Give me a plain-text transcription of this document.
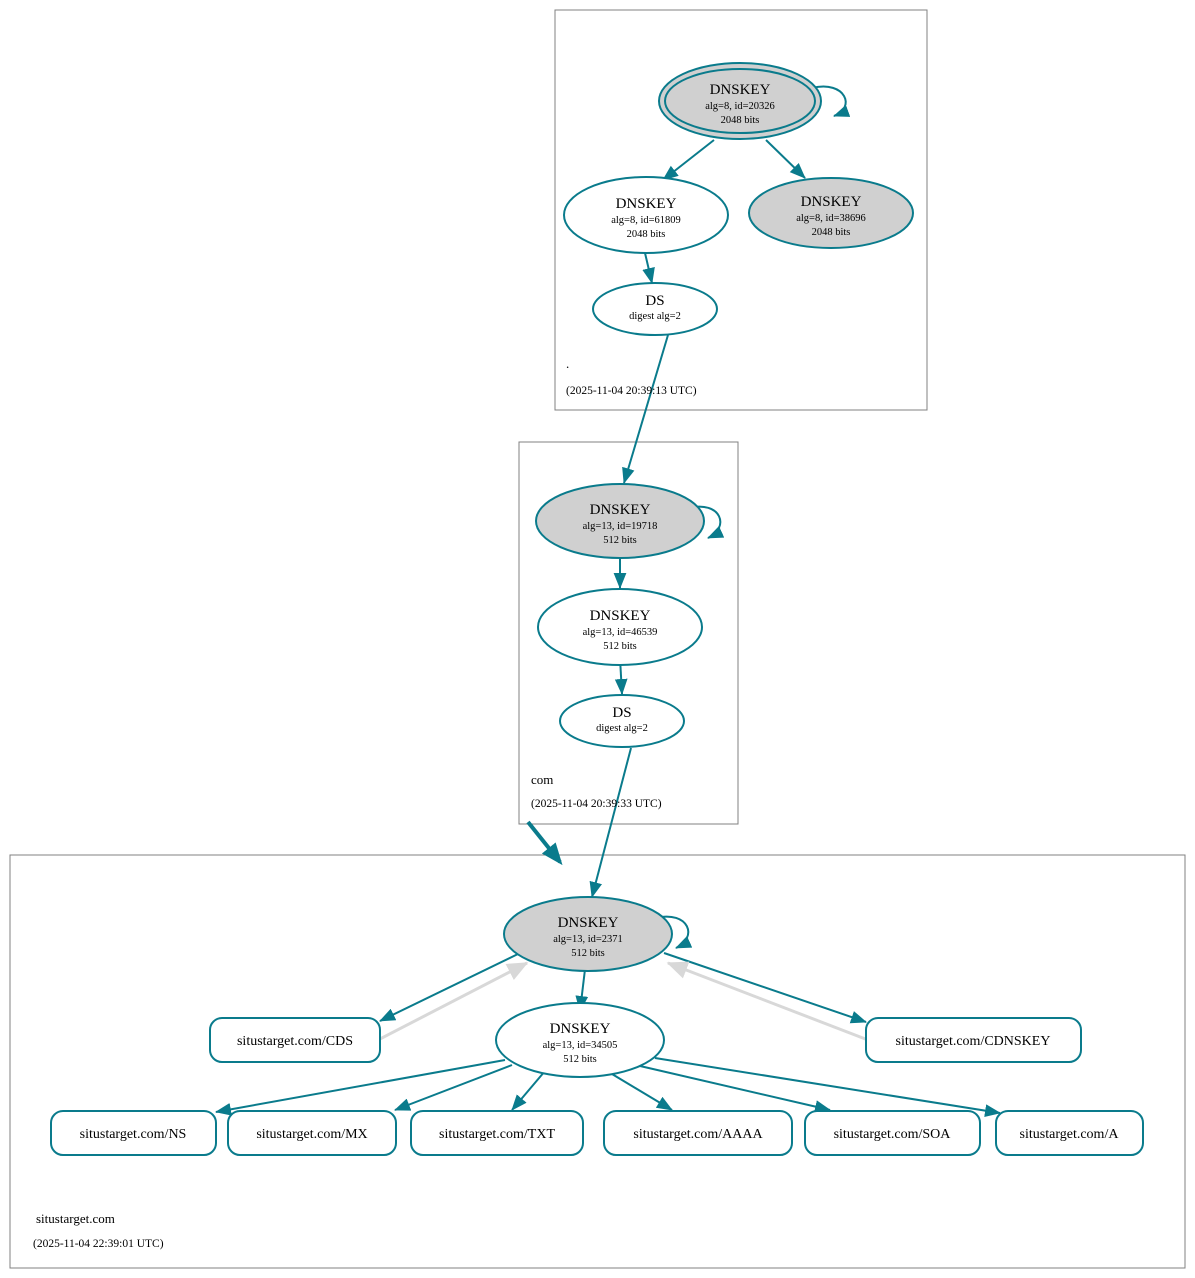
DNSKEY
alg=8, id=20326
2048 bits
DNSKEY
alg=8, id=61809
2048 bits
DNSKEY
alg=8, id=38696
2048 bits
DS
digest alg=2
.
(2025-11-04 20:39:13 UTC)
DNSKEY
alg=13, id=19718
512 bits
DNSKEY
alg=13, id=46539
512 bits
DS
digest alg=2
com
(2025-11-04 20:39:33 UTC)
DNSKEY
alg=13, id=2371
512 bits
DNSKEY
alg=13, id=34505
512 bits
situstarget.com/CDS	situstarget.com/CDNSKEY
situstarget.com/NS	situstarget.com/MX	situstarget.com/TXT	situstarget.com/AAAA	situstarget.com/SOA	situstarget.com/A
situstarget.com
(2025-11-04 22:39:01 UTC)
